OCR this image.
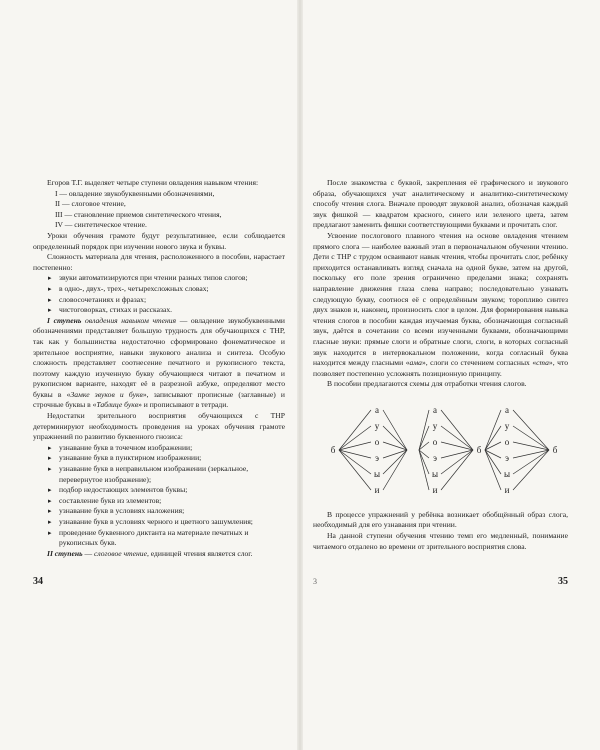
Егоров Т.Г. выделяет четыре ступени овладения навыком чтения:

I — овладение звукобуквенными обозначениями,

II — слоговое чтение,

III — становление приемов синтетического чтения,

IV — синтетическое чтение.

Уроки обучения грамоте будут результативнее, если соблюдается определенный порядок при изучении нового звука и буквы.

Сложность материала для чтения, расположенного в пособии, нарастает постепенно:

▸ звуки автоматизируются при чтении разных типов слогов;
▸ в одно-, двух-, трех-, четырехсложных словах;
▸ словосочетаниях и фразах;
▸ чистоговорках, стихах и рассказах.

I ступень овладения навыком чтения — овладение звукобуквенными обозначениями представляет большую трудность для обучающихся с ТНР, так как у большинства недостаточно сформировано фонематическое и зрительное восприятие, навыки звукового анализа и синтеза. Особую сложность представляет соотнесение печатного и рукописного текста, поэтому каждую изученную букву обучающиеся читают в печатном и рукописном варианте, находят её в разрезной азбуке, определяют место буквы в «Замке звуков и букв», записывают прописные (заглавные) и строчные буквы в «Таблице букв» и прописывают в тетради.

Недостатки зрительного восприятия обучающихся с ТНР детерминируют необходимость проведения на уроках обучения грамоте упражнений по развитию буквенного гнозиса:

▸ узнавание букв в точечном изображении;
▸ узнавание букв в пунктирном изображении;
▸ узнавание букв в неправильном изображении (зеркальное, перевернутое изображение);
▸ подбор недостающих элементов буквы;
▸ составление букв из элементов;
▸ узнавание букв в условиях наложения;
▸ узнавание букв в условиях черного и цветного зашумления;
▸ проведение буквенного диктанта на материале печатных и рукописных букв.

II ступень — слоговое чтение, единицей чтения является слог.

34

После знакомства с буквой, закрепления её графического и звукового образа, обучающихся учат аналитическому и аналитико-синтетическому способу чтения слога. Вначале проводят звуковой анализ, обозначая каждый звук фишкой — квадратом красного, синего или зеленого цвета, затем предлагают заменить фишки соответствующими буквами и прочитать слог.

Усвоение послогового плавного чтения на основе овладения чтением прямого слога — наиболее важный этап в первоначальном обучении чтению. Дети с ТНР с трудом осваивают навык чтения, чтобы прочитать слог, ребёнку приходится останавливать взгляд сначала на одной букве, затем на другой, поскольку его поле зрения ограничено пределами знака; сохранять направление движения глаза слева направо; последовательно узнавать следующую букву, соотнося её с определённым звуком; торопливо синтез двух знаков и, наконец, произносить слог в целом. Для формирования навыка чтения слогов в пособии каждая изучаемая буква, обозначающая согласный звук, даётся в сочетании со всеми изученными буквами, обозначающими гласные звуки: прямые слоги и обратные слоги, слоги, в которых согласный звук находится в интервокальном положении, когда согласный буква находится между гласными «ама», слоги со стечением согласных «ста», что позволяет постепенно усложнять позиционную принципу.

В пособии предлагаются схемы для отработки чтения слогов.

а
у
о
э
ы
и
а
у
о
э
ы
и
а
у
о
э
ы
и
б	б	б

В процессе упражнений у ребёнка возникает обобщённый образ слога, необходимый для его узнавания при чтении.

На данной ступени обучения чтению темп его медленный, понимание читаемого отдалено во времени от зрительного восприятия слова.

3	35
